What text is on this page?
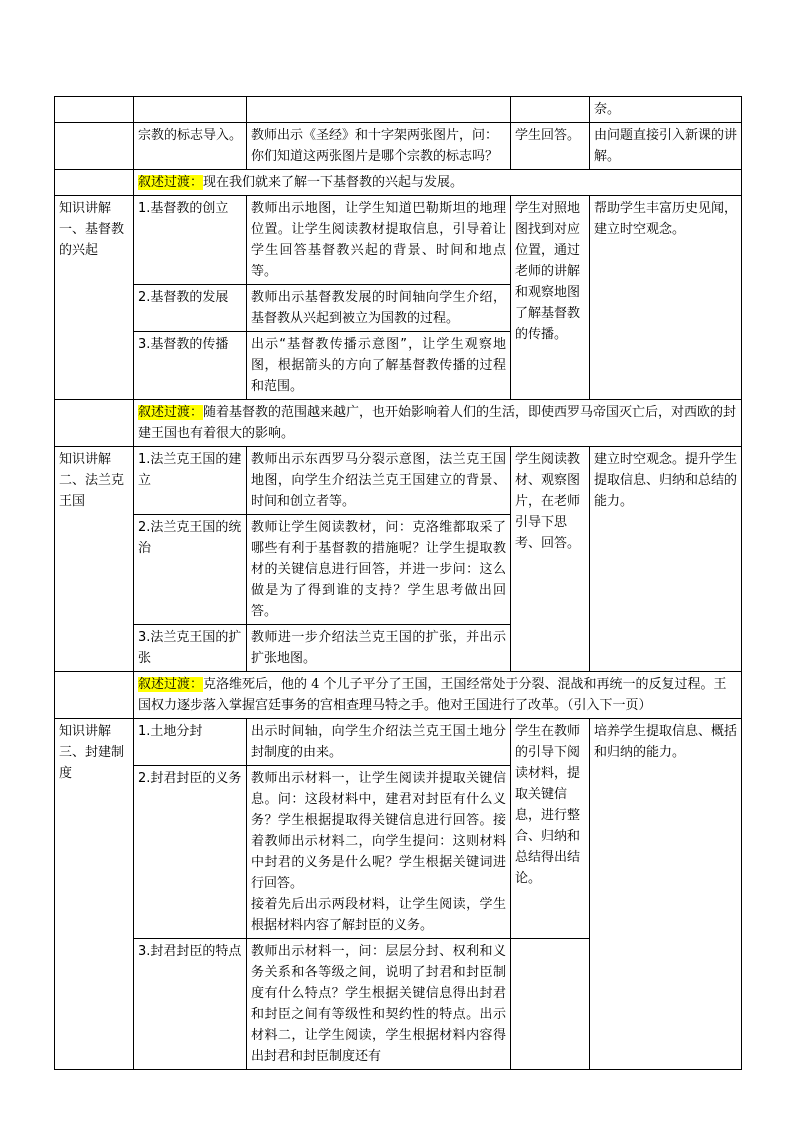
				奈。
	宗教的标志导入。	教师出示《圣经》和十字架两张图片，问：你们知道这两张图片是哪个宗教的标志吗？	学生回答。	由问题直接引入新课的讲解。
	叙述过渡：现在我们就来了解一下基督教的兴起与发展。			
知识讲解一、基督教的兴起	1.基督教的创立	教师出示地图，让学生知道巴勒斯坦的地理位置。让学生阅读教材提取信息，引导着让学生回答基督教兴起的背景、时间和地点等。	学生对照地图找到对应位置，通过老师的讲解和观察地图了解基督教的传播。	帮助学生丰富历史见闻，建立时空观念。
	2.基督教的发展	教师出示基督教发展的时间轴向学生介绍，基督教从兴起到被立为国教的过程。		
	3.基督教的传播	出示“基督教传播示意图”，让学生观察地图，根据箭头的方向了解基督教传播的过程和范围。		
	叙述过渡：随着基督教的范围越来越广，也开始影响着人们的生活，即使西罗马帝国灭亡后，对西欧的封建王国也有着很大的影响。			
知识讲解二、法兰克王国	1.法兰克王国的建立	教师出示东西罗马分裂示意图，法兰克王国地图，向学生介绍法兰克王国建立的背景、时间和创立者等。	学生阅读教材、观察图片，在老师引导下思考、回答。	建立时空观念。提升学生提取信息、归纳和总结的能力。
	2.法兰克王国的统治	教师让学生阅读教材，问：克洛维都取采了哪些有利于基督教的措施呢？让学生提取教材的关键信息进行回答，并进一步问：这么做是为了得到谁的支持？学生思考做出回答。		
	3.法兰克王国的扩张	教师进一步介绍法兰克王国的扩张，并出示扩张地图。		
	叙述过渡：克洛维死后，他的 4 个儿子平分了王国，王国经常处于分裂、混战和再统一的反复过程。王国权力逐步落入掌握宫廷事务的宫相查理马特之手。他对王国进行了改革。（引入下一页）			
知识讲解三、封建制度	1.土地分封	出示时间轴，向学生介绍法兰克王国土地分封制度的由来。	学生在教师的引导下阅读材料，提取关键信息，进行整合、归纳和总结得出结论。	培养学生提取信息、概括和归纳的能力。
	2.封君封臣的义务	教师出示材料一，让学生阅读并提取关键信息。问：这段材料中，建君对封臣有什么义务？学生根据提取得关键信息进行回答。接着教师出示材料二，向学生提问：这则材料中封君的义务是什么呢？学生根据关键词进行回答。
接着先后出示两段材料，让学生阅读，学生根据材料内容了解封臣的义务。		
	3.封君封臣的特点	教师出示材料一，问：层层分封、权利和义务关系和各等级之间，说明了封君和封臣制度有什么特点？学生根据关键信息得出封君和封臣之间有等级性和契约性的特点。出示材料二，让学生阅读，学生根据材料内容得出封君和封臣制度还有		
